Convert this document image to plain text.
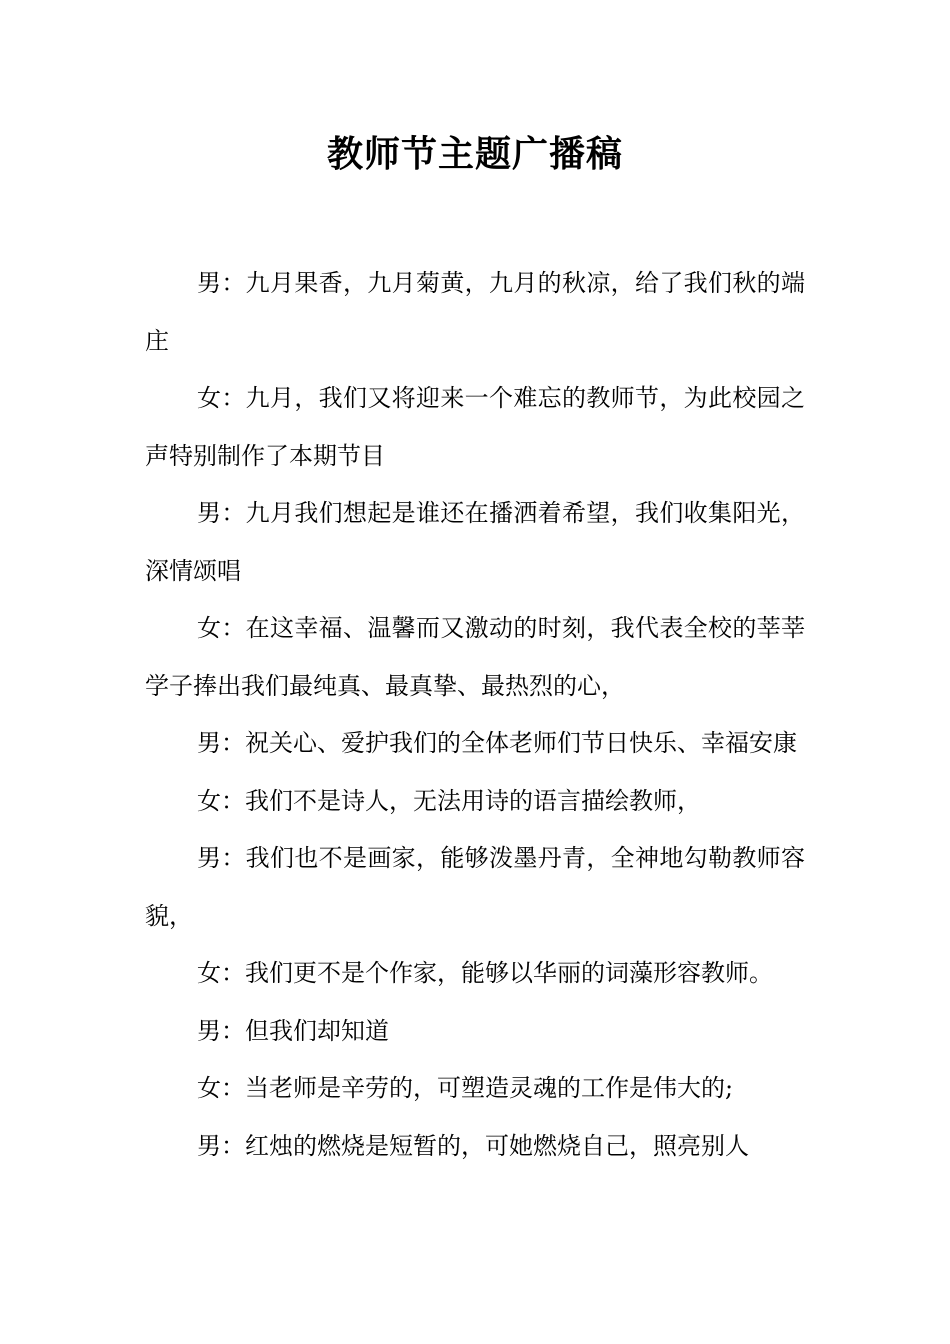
教师节主题广播稿

男：九月果香，九月菊黄，九月的秋凉，给了我们秋的端庄

女：九月，我们又将迎来一个难忘的教师节，为此校园之声特别制作了本期节目

男：九月我们想起是谁还在播洒着希望，我们收集阳光，深情颂唱

女：在这幸福、温馨而又激动的时刻，我代表全校的莘莘学子捧出我们最纯真、最真挚、最热烈的心，

男：祝关心、爱护我们的全体老师们节日快乐、幸福安康

女：我们不是诗人，无法用诗的语言描绘教师，

男：我们也不是画家，能够泼墨丹青，全神地勾勒教师容貌，

女：我们更不是个作家，能够以华丽的词藻形容教师。

男：但我们却知道

女：当老师是辛劳的，可塑造灵魂的工作是伟大的;

男：红烛的燃烧是短暂的，可她燃烧自己，照亮别人
